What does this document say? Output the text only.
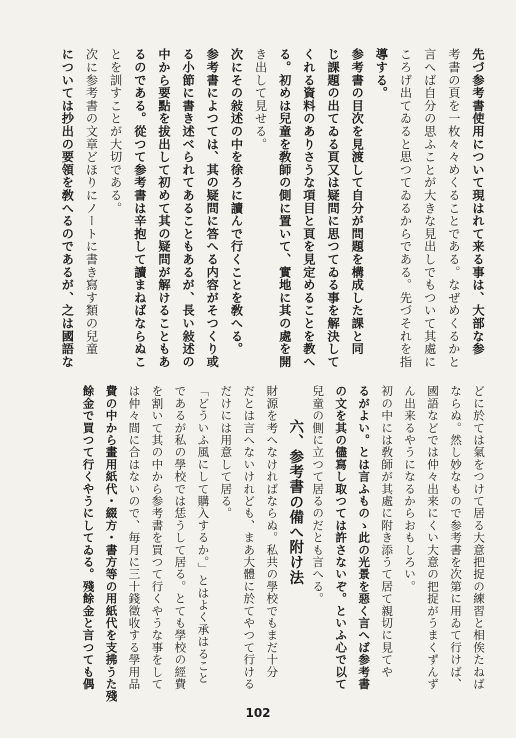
先づ参考書使用について現はれて来る事は、大部な参
考書の頁を一枚々々めくることである。なぜめくるかと
言へば自分の思ふことが大きな見出しでもついて其處に
ころげ出てゐると思つてゐるからである。先づそれを指
導する。
参考書の目次を見渡して自分が問題を構成した課と同
じ課題の出てゐる頁又は疑問に思つてゐる事を解決して
くれる資料のありさうな項目と頁を見定めることを教へ
る。初めは兒童を敎師の側に置いて、實地に其の處を開
き出して見せる。
次にその敍述の中を徐ろに讀んで行くことを敎へる。
参考書によつては、其の疑問に答へる内容がそつくり或
る小節に書き述べられてあることもあるが、長い敍述の
中から要點を拔出して初めて其の疑問が解けることもあ
るのである。從つて参考書は辛抱して讀まねばならぬこ
とを訓すことが大切である。
次に参考書の文章どほりにノートに書き寫す類の兒童
については抄出の要領を敎へるのであるが、之は國語な
どに於ては氣をつけて居る大意把捉の練習と相俟たねば
ならぬ。然し妙なもので参考書を次第に用ゐて行けば、
國語などでは仲々出来にくい大意の把捉がうまくずんず
ん出来るやうになるからおもしろい。
初の中には敎師が其處に附き添うて居て親切に見てや
るがよい。とは言ふものゝ此の光景を惡く言へば参考書
の文を其の儘寫し取つては許さないぞ。といふ心で以て
兒童の側に立つて居るのだとも言へる。
六、参考書の備へ附け法
財源を考へなければならぬ。私共の學校でもまだ十分
だとは言へないけれども、まあ大體に於てやつて行ける
だけには用意して居る。
「どういふ風にして購入するか。」とはよく承はること
であるが私の學校では恁うして居る。とても學校の經費
を割いて其の中から参考書を買つて行くやうな事をして
は仲々間に合はないので、毎月に三十錢徵收する學用品
費の中から畫用紙代・綴方・書方等の用紙代を支拂うた殘
餘金で買つて行くやうにしてゐる。殘餘金と言つても偶
102
